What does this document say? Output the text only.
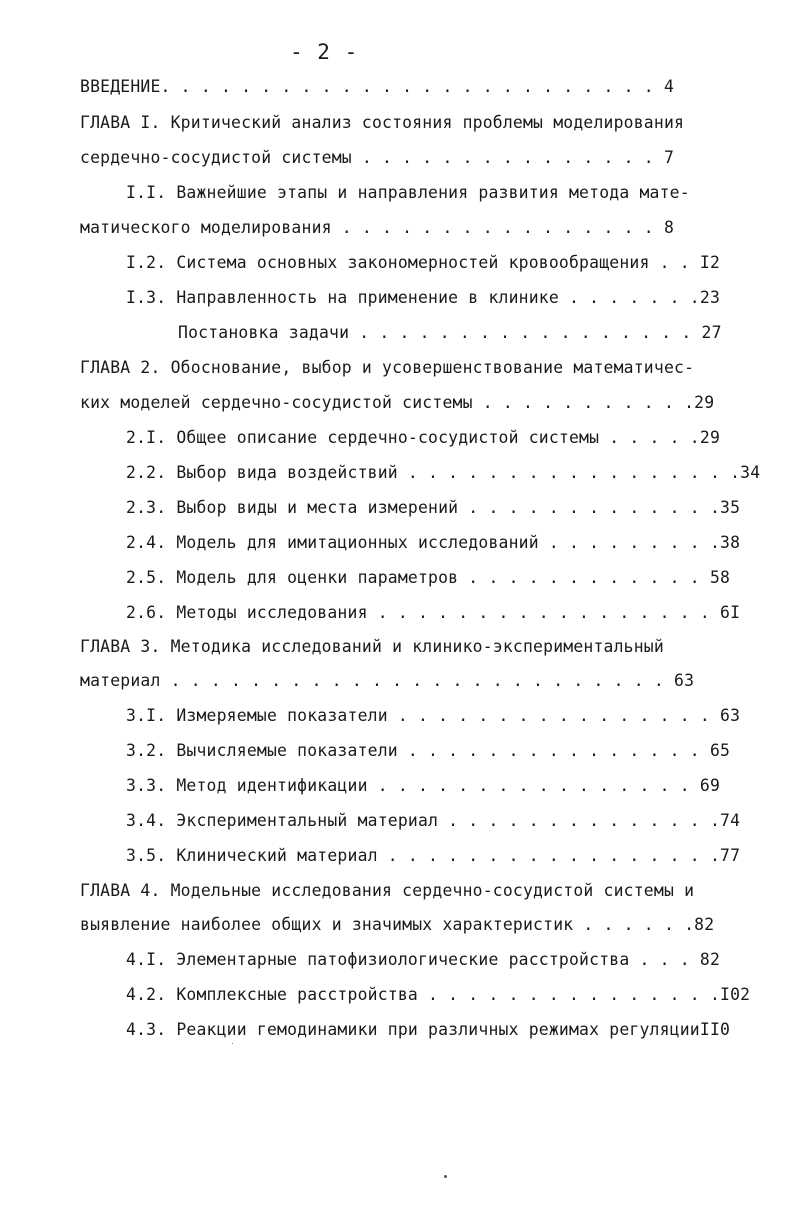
- 2 -
ВВЕДЕНИЕ. . . . . . . . . . . . . . . . . . . . . . . . . 4
ГЛАВА I. Критический анализ состояния проблемы моделирования
сердечно-сосудистой системы . . . . . . . . . . . . . . . 7
I.I. Важнейшие этапы и направления развития метода мате-
матического моделирования . . . . . . . . . . . . . . . . 8
I.2. Система основных закономерностей кровообращения . . I2
I.3. Направленность на применение в клинике . . . . . . .23
Постановка задачи . . . . . . . . . . . . . . . . . 27
ГЛАВА 2. Обоснование, выбор и усовершенствование математичес-
ких моделей сердечно-сосудистой системы . . . . . . . . . . .29
2.I. Общее описание сердечно-сосудистой системы . . . . .29
2.2. Выбор вида воздействий . . . . . . . . . . . . . . . . .34
2.3. Выбор виды и места измерений . . . . . . . . . . . . .35
2.4. Модель для имитационных исследований . . . . . . . . .38
2.5. Модель для оценки параметров . . . . . . . . . . . . 58
2.6. Методы исследования . . . . . . . . . . . . . . . . . 6I
ГЛАВА 3. Методика исследований и клинико-экспериментальный
материал . . . . . . . . . . . . . . . . . . . . . . . . . 63
3.I. Измеряемые показатели . . . . . . . . . . . . . . . . 63
3.2. Вычисляемые показатели . . . . . . . . . . . . . . . 65
3.3. Метод идентификации . . . . . . . . . . . . . . . . 69
3.4. Экспериментальный материал . . . . . . . . . . . . . .74
3.5. Клинический материал . . . . . . . . . . . . . . . . .77
ГЛАВА 4. Модельные исследования сердечно-сосудистой системы и
выявление наиболее общих и значимых характеристик . . . . . .82
4.I. Элементарные патофизиологические расстройства . . . 82
4.2. Комплексные расстройства . . . . . . . . . . . . . . .I02
4.3. Реакции гемодинамики при различных режимах регуляцииII0
